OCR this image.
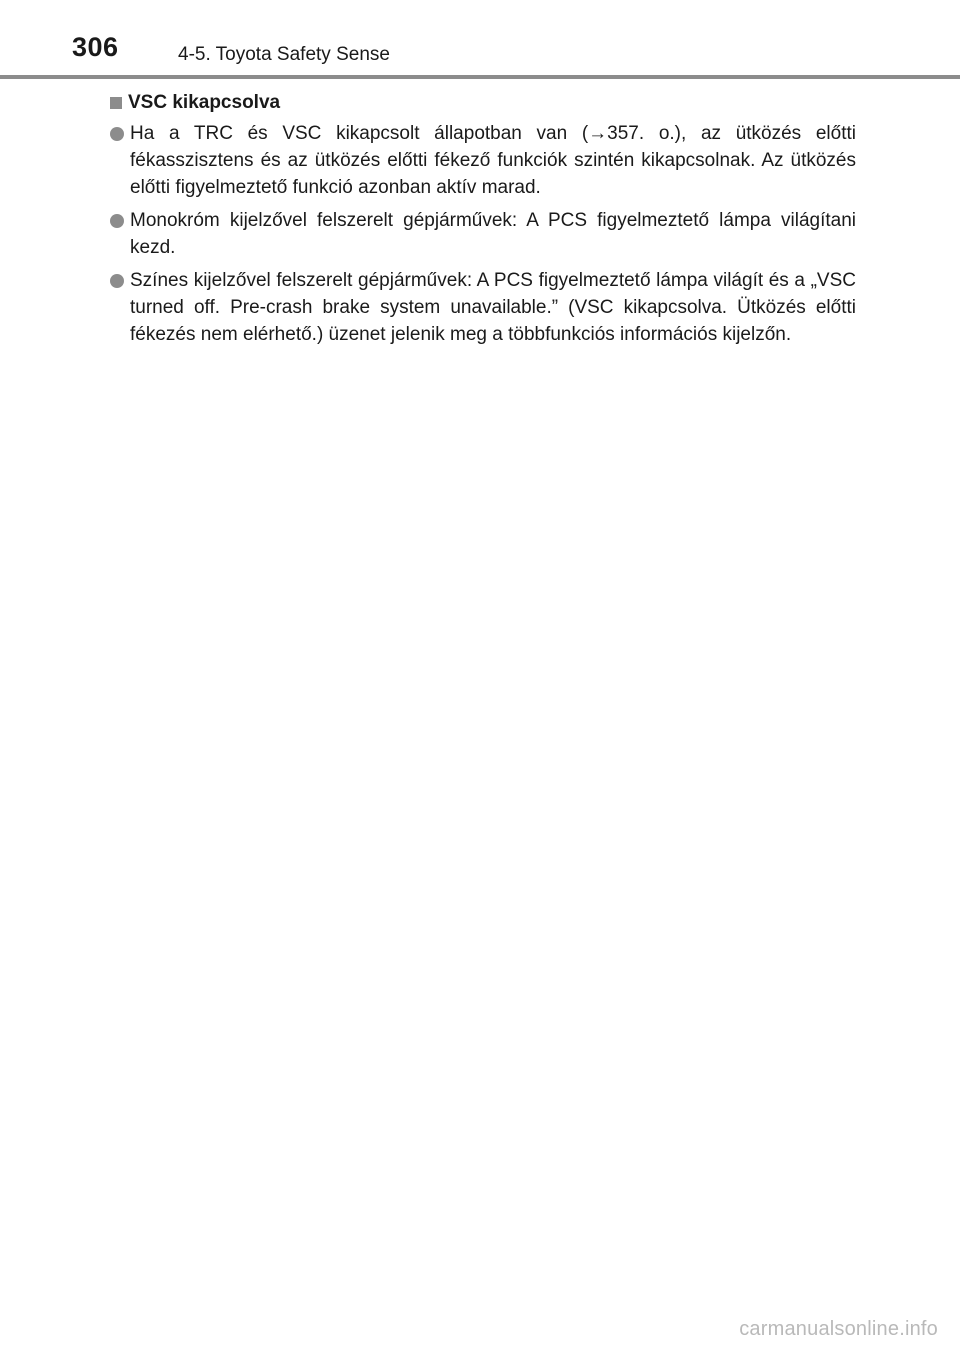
306	4-5. Toyota Safety Sense
VSC kikapcsolva
Ha a TRC és VSC kikapcsolt állapotban van (→357. o.), az ütközés előtti fékasszisztens és az ütközés előtti fékező funkciók szintén kikapcsolnak. Az ütközés előtti figyelmeztető funkció azonban aktív marad.
Monokróm kijelzővel felszerelt gépjárművek: A PCS figyelmeztető lámpa világítani kezd.
Színes kijelzővel felszerelt gépjárművek: A PCS figyelmeztető lámpa világít és a „VSC turned off. Pre-crash brake system unavailable.” (VSC kikapcsolva. Ütközés előtti fékezés nem elérhető.) üzenet jelenik meg a többfunkciós információs kijelzőn.
carmanualsonline.info
